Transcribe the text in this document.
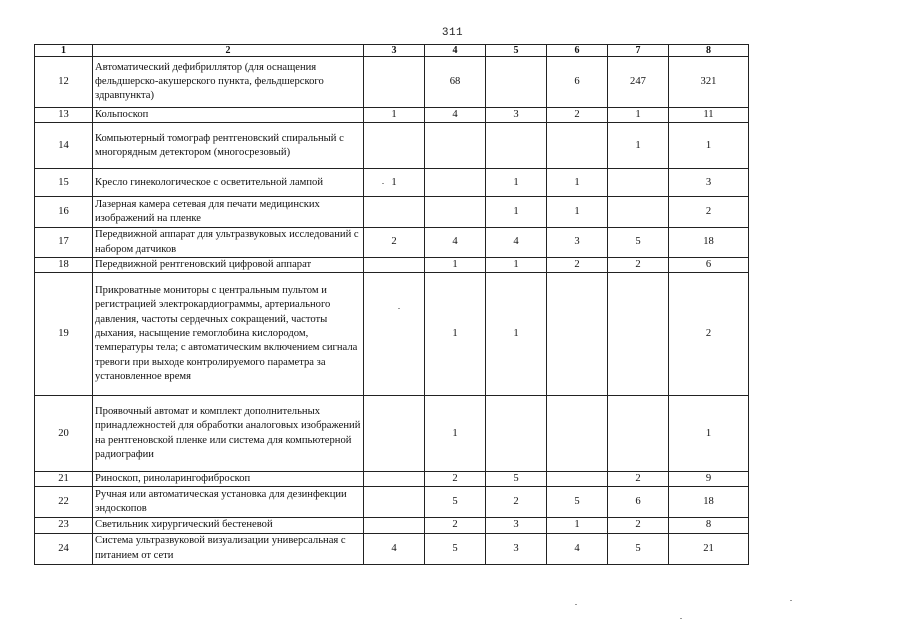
311
1	2	3	4	5	6	7	8
12	Автоматический дефибриллятор (для оснащения фельдшерско-акушерского пункта, фельдшерского здравпункта)		68		6	247	321
13	Кольпоскоп	1	4	3	2	1	11
14	Компьютерный томограф рентгеновский спиральный с многорядным детектором (многосрезовый)					1	1
15	Кресло гинекологическое с осветительной лампой	1		1	1		3
16	Лазерная камера сетевая для печати медицинских изображений на пленке			1	1		2
17	Передвижной аппарат для ультразвуковых исследований с набором датчиков	2	4	4	3	5	18
18	Передвижной рентгеновский цифровой аппарат		1	1	2	2	6
19	Прикроватные мониторы с центральным пультом и регистрацией электрокардиограммы, артериального давления, частоты сердечных сокращений, частоты дыхания, насыщение гемоглобина кислородом, температуры тела; с автоматическим включением сигнала тревоги при выходе контролируемого параметра за установленное время		1	1			2
20	Проявочный автомат и комплект дополнительных принадлежностей для обработки аналоговых изображений на рентгеновской пленке или система для компьютерной радиографии		1				1
21	Риноскоп, риноларингофиброскоп		2	5		2	9
22	Ручная или автоматическая установка для дезинфекции эндоскопов		5	2	5	6	18
23	Светильник хирургический бестеневой		2	3	1	2	8
24	Система ультразвуковой визуализации универсальная с питанием от сети	4	5	3	4	5	21
